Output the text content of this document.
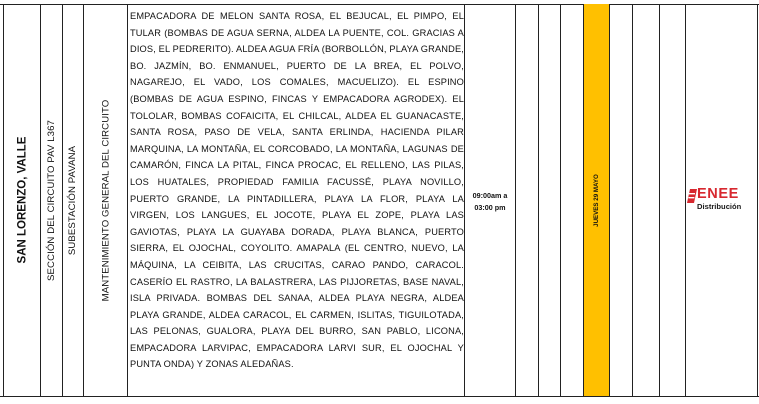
JUEVES 29 MAYO
SAN LORENZO, VALLE SECCIÓN DEL CIRCUITO PAV L367 SUBESTACIÓN PAVANA MANTENIMIENTO GENERAL DEL CIRCUITO
EMPACADORA DE MELON SANTA ROSA, EL BEJUCAL, EL PIMPO, EL TULAR (BOMBAS DE AGUA SERNA, ALDEA LA PUENTE, COL. GRACIAS A DIOS, EL PEDRERITO). ALDEA AGUA FRÍA (BORBOLLÓN, PLAYA GRANDE, BO. JAZMÍN, BO. ENMANUEL, PUERTO DE LA BREA, EL POLVO, NAGAREJO, EL VADO, LOS COMALES, MACUELIZO). EL ESPINO (BOMBAS DE AGUA ESPINO, FINCAS Y EMPACADORA AGRODEX). EL TOLOLAR, BOMBAS COFAICITA, EL CHILCAL, ALDEA EL GUANACASTE, SANTA ROSA, PASO DE VELA, SANTA ERLINDA, HACIENDA PILAR MARQUINA, LA MONTAÑA, EL CORCOBADO, LA MONTAÑA, LAGUNAS DE CAMARÓN, FINCA LA PITAL, FINCA PROCAC, EL RELLENO, LAS PILAS, LOS HUATALES, PROPIEDAD FAMILIA FACUSSÉ, PLAYA NOVILLO, PUERTO GRANDE, LA PINTADILLERA, PLAYA LA FLOR, PLAYA LA VIRGEN, LOS LANGUES, EL JOCOTE, PLAYA EL ZOPE, PLAYA LAS GAVIOTAS, PLAYA LA GUAYABA DORADA, PLAYA BLANCA, PUERTO SIERRA, EL OJOCHAL, COYOLITO. AMAPALA (EL CENTRO, NUEVO, LA MÁQUINA, LA CEIBITA, LAS CRUCITAS, CARAO PANDO, CARACOL. CASERÍO EL RASTRO, LA BALASTRERA, LAS PIJJORETAS, BASE NAVAL, ISLA PRIVADA. BOMBAS DEL SANAA, ALDEA PLAYA NEGRA, ALDEA PLAYA GRANDE, ALDEA CARACOL, EL CARMEN, ISLITAS, TIGUILOTADA, LAS PELONAS, GUALORA, PLAYA DEL BURRO, SAN PABLO, LICONA, EMPACADORA LARVIPAC, EMPACADORA LARVI SUR, EL OJOCHAL Y PUNTA ONDA) Y ZONAS ALEDAÑAS.
09:00am a
03:00 pm
ENEE
Distribución
